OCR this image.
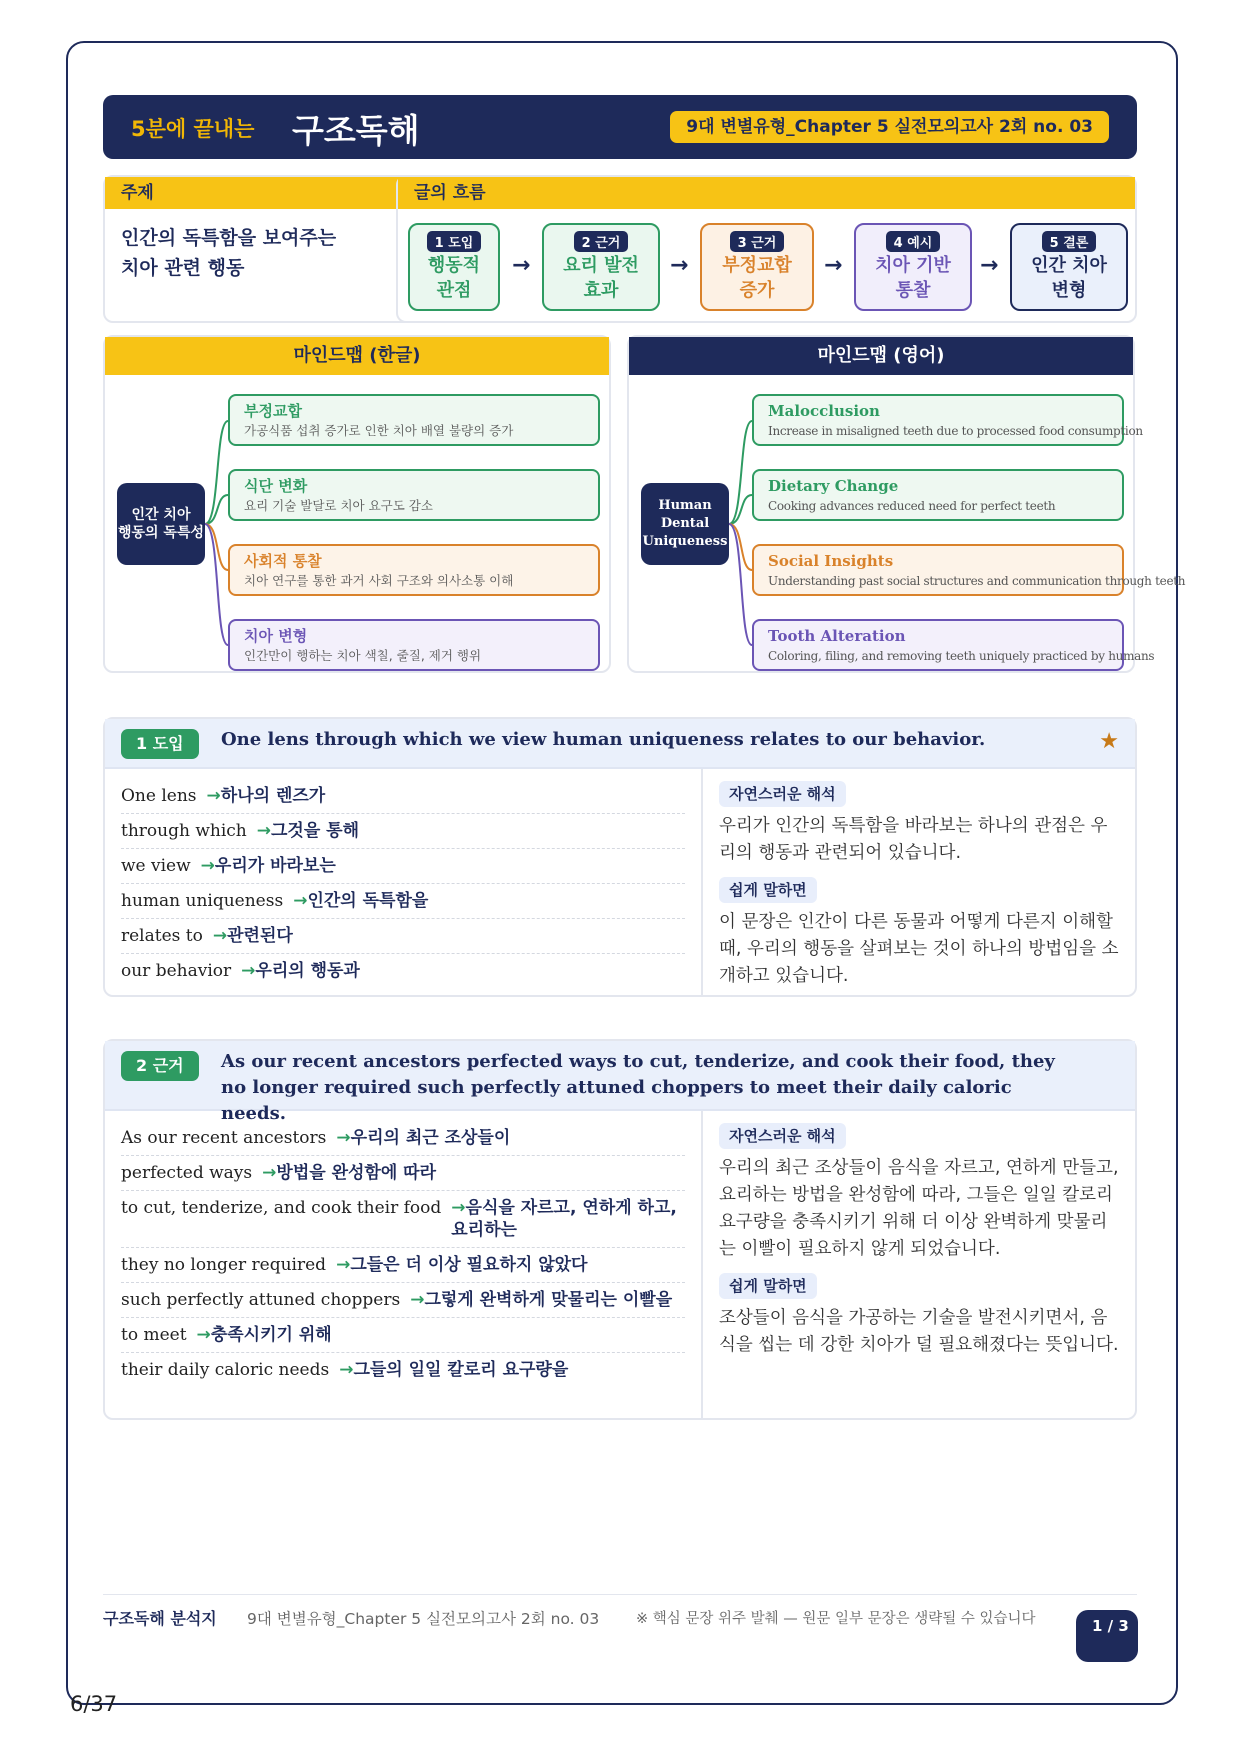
5분에 끝내는 구조독해	9대 변별유형_Chapter 5 실전모의고사 2회 no. 03
주제
인간의 독특함을 보여주는
치아 관련 행동
글의 흐름
1 도입
행동적
관점
→
2 근거
요리 발전
효과
→
3 근거
부정교합
증가
→
4 예시
치아 기반
통찰
→
5 결론
인간 치아
변형
마인드맵 (한글)
인간 치아
행동의 독특성
부정교합
가공식품 섭취 증가로 인한 치아 배열 불량의 증가
식단 변화
요리 기술 발달로 치아 요구도 감소
사회적 통찰
치아 연구를 통한 과거 사회 구조와 의사소통 이해
치아 변형
인간만이 행하는 치아 색칠, 줄질, 제거 행위
마인드맵 (영어)
Human
Dental
Uniqueness
Malocclusion
Increase in misaligned teeth due to processed food consumption
Dietary Change
Cooking advances reduced need for perfect teeth
Social Insights
Understanding past social structures and communication through teeth
Tooth Alteration
Coloring, filing, and removing teeth uniquely practiced by humans
1 도입	One lens through which we view human uniqueness relates to our behavior.	★
One lens →하나의 렌즈가
through which →그것을 통해
we view →우리가 바라보는
human uniqueness →인간의 독특함을
relates to →관련된다
our behavior →우리의 행동과
자연스러운 해석
우리가 인간의 독특함을 바라보는 하나의 관점은 우리의 행동과 관련되어 있습니다.
쉽게 말하면
이 문장은 인간이 다른 동물과 어떻게 다른지 이해할 때, 우리의 행동을 살펴보는 것이 하나의 방법임을 소개하고 있습니다.
2 근거	As our recent ancestors perfected ways to cut, tenderize, and cook their food, they no longer required such perfectly attuned choppers to meet their daily caloric needs.
As our recent ancestors →우리의 최근 조상들이
perfected ways →방법을 완성함에 따라
to cut, tenderize, and cook their food →음식을 자르고, 연하게 하고, 요리하는
they no longer required →그들은 더 이상 필요하지 않았다
such perfectly attuned choppers →그렇게 완벽하게 맞물리는 이빨을
to meet →충족시키기 위해
their daily caloric needs →그들의 일일 칼로리 요구량을
자연스러운 해석
우리의 최근 조상들이 음식을 자르고, 연하게 만들고, 요리하는 방법을 완성함에 따라, 그들은 일일 칼로리 요구량을 충족시키기 위해 더 이상 완벽하게 맞물리는 이빨이 필요하지 않게 되었습니다.
쉽게 말하면
조상들이 음식을 가공하는 기술을 발전시키면서, 음식을 씹는 데 강한 치아가 덜 필요해졌다는 뜻입니다.
구조독해 분석지	9대 변별유형_Chapter 5 실전모의고사 2회 no. 03	※ 핵심 문장 위주 발췌 — 원문 일부 문장은 생략될 수 있습니다	1 / 3
6/37
